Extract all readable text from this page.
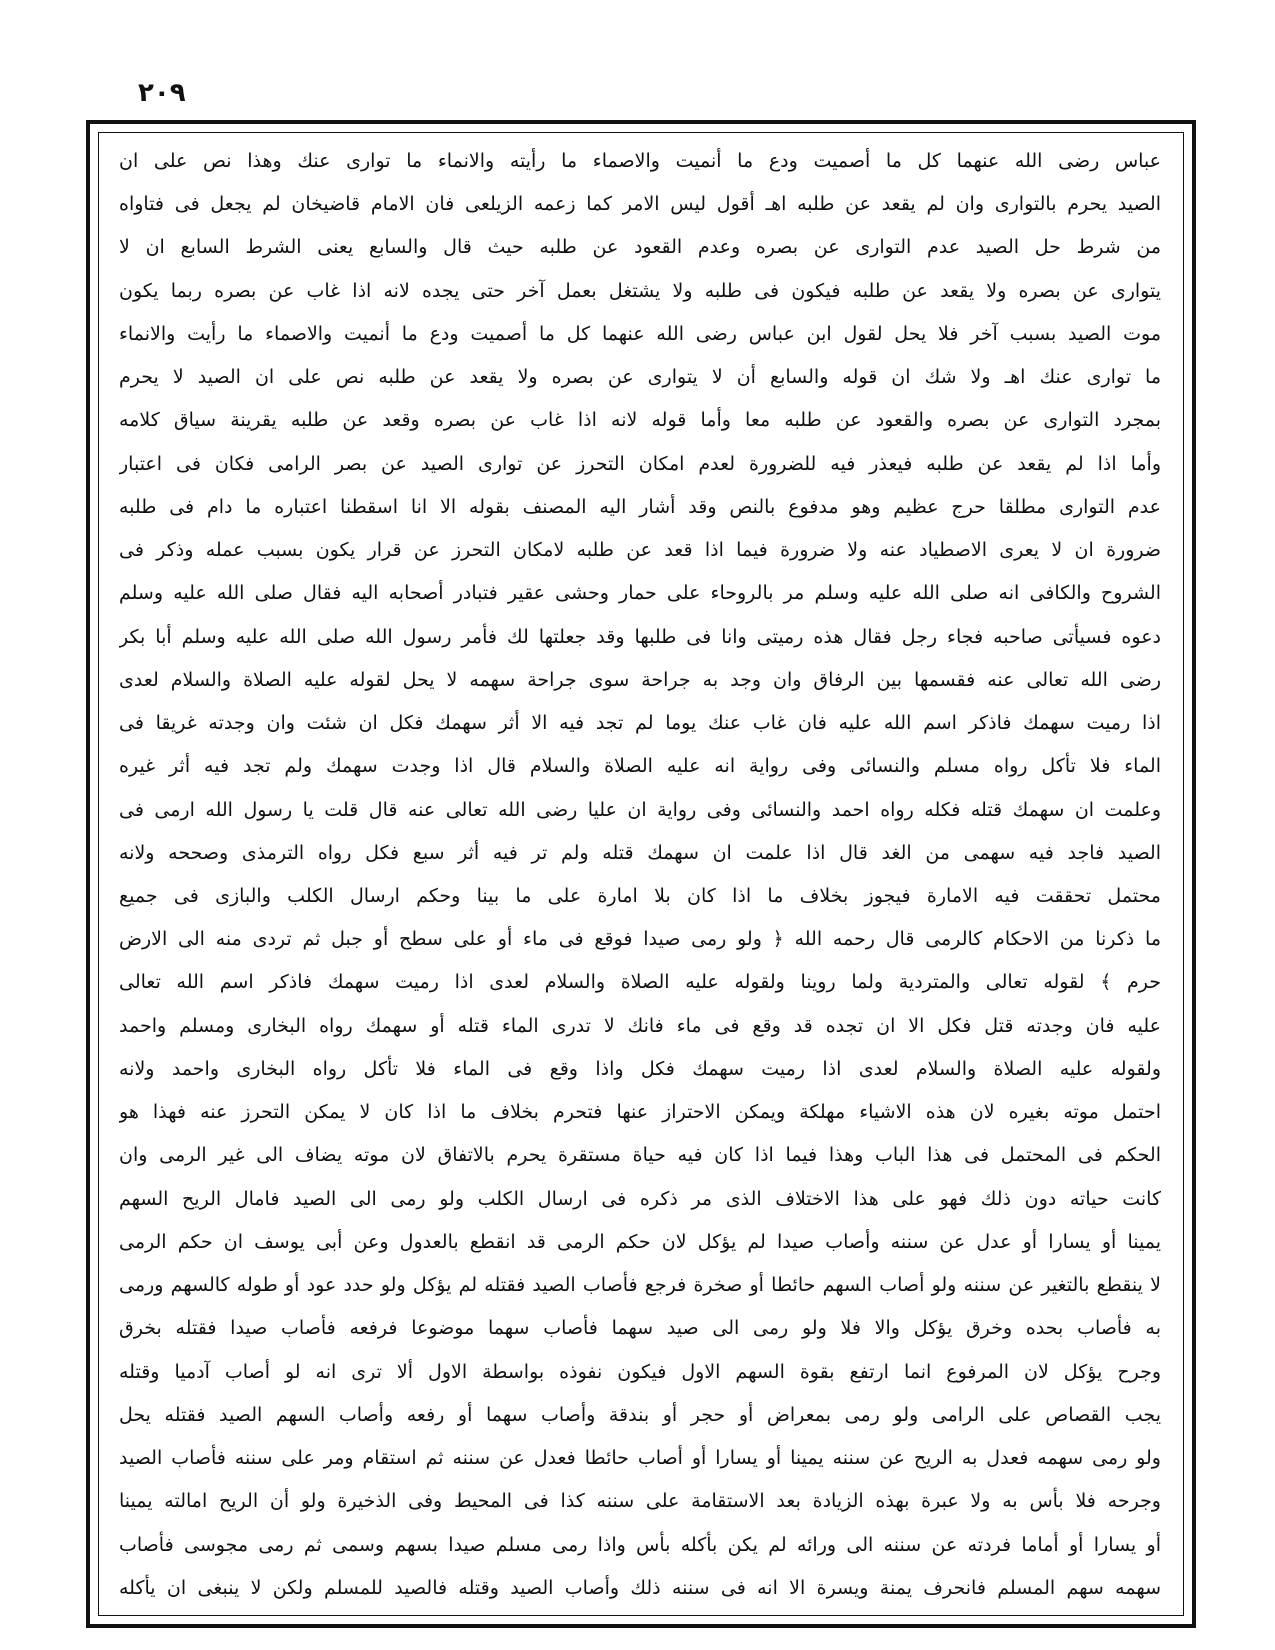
٢٠٩
عباس رضى الله عنهما كل ما أصميت ودع ما أنميت والاصماء ما رأيته والانماء ما توارى عنك وهذا نص على ان
الصيد يحرم بالتوارى وان لم يقعد عن طلبه اهـ أقول ليس الامر كما زعمه الزيلعى فان الامام قاضيخان لم يجعل فى فتاواه
من شرط حل الصيد عدم التوارى عن بصره وعدم القعود عن طلبه حيث قال والسابع يعنى الشرط السابع ان لا
يتوارى عن بصره ولا يقعد عن طلبه فيكون فى طلبه ولا يشتغل بعمل آخر حتى يجده لانه اذا غاب عن بصره ربما يكون
موت الصيد بسبب آخر فلا يحل لقول ابن عباس رضى الله عنهما كل ما أصميت ودع ما أنميت والاصماء ما رأيت والانماء
ما توارى عنك اهـ ولا شك ان قوله والسابع أن لا يتوارى عن بصره ولا يقعد عن طلبه نص على ان الصيد لا يحرم
بمجرد التوارى عن بصره والقعود عن طلبه معا وأما قوله لانه اذا غاب عن بصره وقعد عن طلبه يقرينة سياق كلامه
وأما اذا لم يقعد عن طلبه فيعذر فيه للضرورة لعدم امكان التحرز عن توارى الصيد عن بصر الرامى فكان فى اعتبار
عدم التوارى مطلقا حرج عظيم وهو مدفوع بالنص وقد أشار اليه المصنف بقوله الا انا اسقطنا اعتباره ما دام فى طلبه
ضرورة ان لا يعرى الاصطياد عنه ولا ضرورة فيما اذا قعد عن طلبه لامكان التحرز عن قرار يكون بسبب عمله وذكر فى
الشروح والكافى انه صلى الله عليه وسلم مر بالروحاء على حمار وحشى عقير فتبادر أصحابه اليه فقال صلى الله عليه وسلم
دعوه فسيأتى صاحبه فجاء رجل فقال هذه رميتى وانا فى طلبها وقد جعلتها لك فأمر رسول الله صلى الله عليه وسلم أبا بكر
رضى الله تعالى عنه فقسمها بين الرفاق وان وجد به جراحة سوى جراحة سهمه لا يحل لقوله عليه الصلاة والسلام لعدى
اذا رميت سهمك فاذكر اسم الله عليه فان غاب عنك يوما لم تجد فيه الا أثر سهمك فكل ان شئت وان وجدته غريقا فى
الماء فلا تأكل رواه مسلم والنسائى وفى رواية انه عليه الصلاة والسلام قال اذا وجدت سهمك ولم تجد فيه أثر غيره
وعلمت ان سهمك قتله فكله رواه احمد والنسائى وفى رواية ان عليا رضى الله تعالى عنه قال قلت يا رسول الله ارمى فى
الصيد فاجد فيه سهمى من الغد قال اذا علمت ان سهمك قتله ولم تر فيه أثر سبع فكل رواه الترمذى وصححه ولانه
محتمل تحققت فيه الامارة فيجوز بخلاف ما اذا كان بلا امارة على ما بينا وحكم ارسال الكلب والبازى فى جميع
ما ذكرنا من الاحكام كالرمى قال رحمه الله ﴿ ولو رمى صيدا فوقع فى ماء أو على سطح أو جبل ثم تردى منه الى الارض
حرم ﴾ لقوله تعالى والمتردية ولما روينا ولقوله عليه الصلاة والسلام لعدى اذا رميت سهمك فاذكر اسم الله تعالى
عليه فان وجدته قتل فكل الا ان تجده قد وقع فى ماء فانك لا تدرى الماء قتله أو سهمك رواه البخارى ومسلم واحمد
ولقوله عليه الصلاة والسلام لعدى اذا رميت سهمك فكل واذا وقع فى الماء فلا تأكل رواه البخارى واحمد ولانه
احتمل موته بغيره لان هذه الاشياء مهلكة ويمكن الاحتراز عنها فتحرم بخلاف ما اذا كان لا يمكن التحرز عنه فهذا هو
الحكم فى المحتمل فى هذا الباب وهذا فيما اذا كان فيه حياة مستقرة يحرم بالاتفاق لان موته يضاف الى غير الرمى وان
كانت حياته دون ذلك فهو على هذا الاختلاف الذى مر ذكره فى ارسال الكلب ولو رمى الى الصيد فامال الريح السهم
يمينا أو يسارا أو عدل عن سننه وأصاب صيدا لم يؤكل لان حكم الرمى قد انقطع بالعدول وعن أبى يوسف ان حكم الرمى
لا ينقطع بالتغير عن سننه ولو أصاب السهم حائطا أو صخرة فرجع فأصاب الصيد فقتله لم يؤكل ولو حدد عود أو طوله كالسهم ورمى
به فأصاب بحده وخرق يؤكل والا فلا ولو رمى الى صيد سهما فأصاب سهما موضوعا فرفعه فأصاب صيدا فقتله بخرق
وجرح يؤكل لان المرفوع انما ارتفع بقوة السهم الاول فيكون نفوذه بواسطة الاول ألا ترى انه لو أصاب آدميا وقتله
يجب القصاص على الرامى ولو رمى بمعراض أو حجر أو بندقة وأصاب سهما أو رفعه وأصاب السهم الصيد فقتله يحل
ولو رمى سهمه فعدل به الريح عن سننه يمينا أو يسارا أو أصاب حائطا فعدل عن سننه ثم استقام ومر على سننه فأصاب الصيد
وجرحه فلا بأس به ولا عبرة بهذه الزيادة بعد الاستقامة على سننه كذا فى المحيط وفى الذخيرة ولو أن الريح امالته يمينا
أو يسارا أو أماما فردته عن سننه الى ورائه لم يكن بأكله بأس واذا رمى مسلم صيدا بسهم وسمى ثم رمى مجوسى فأصاب
سهمه سهم المسلم فانحرف يمنة ويسرة الا انه فى سننه ذلك وأصاب الصيد وقتله فالصيد للمسلم ولكن لا ينبغى ان يأكله
